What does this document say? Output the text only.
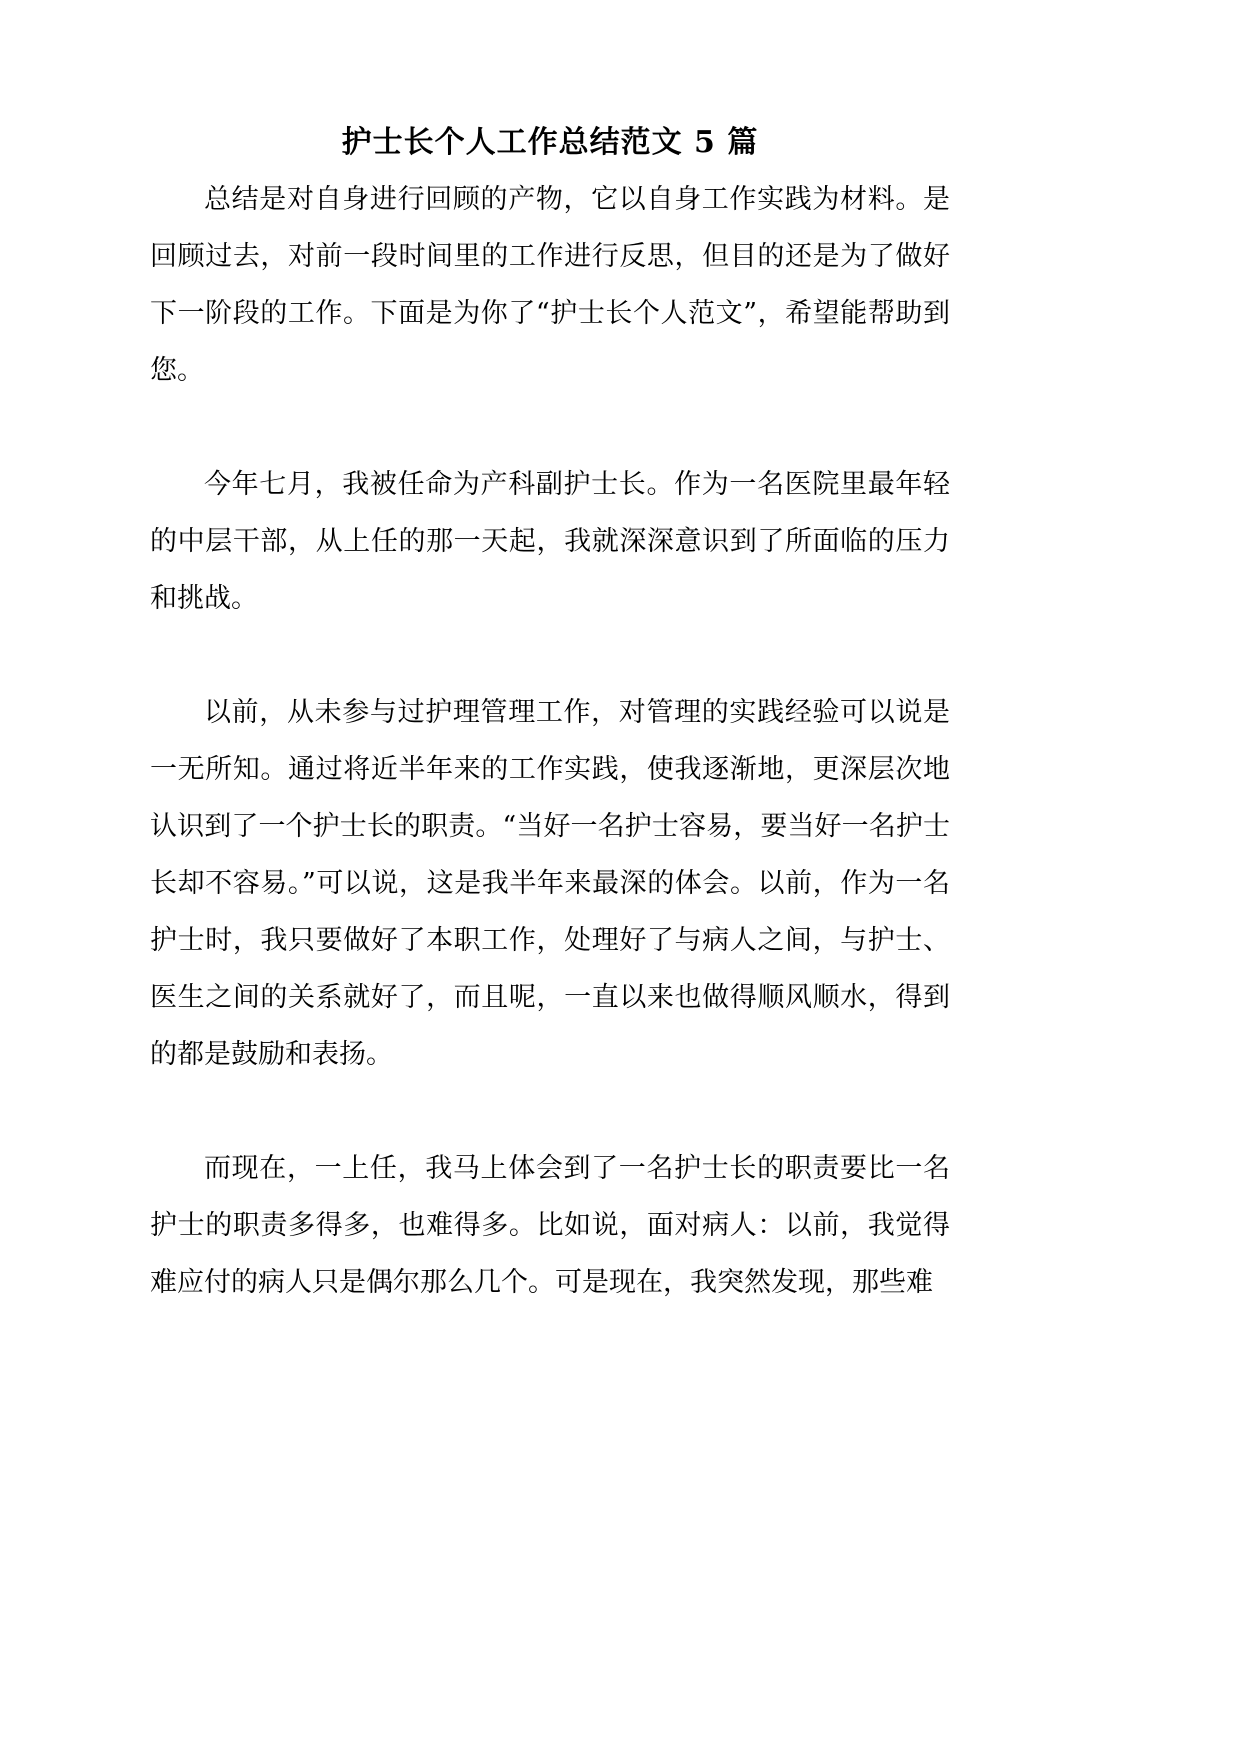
护士长个人工作总结范文 5 篇

总结是对自身进行回顾的产物，它以自身工作实践为材料。是回顾过去，对前一段时间里的工作进行反思，但目的还是为了做好下一阶段的工作。下面是为你了“护士长个人范文”，希望能帮助到您。

今年七月，我被任命为产科副护士长。作为一名医院里最年轻的中层干部，从上任的那一天起，我就深深意识到了所面临的压力和挑战。

以前，从未参与过护理管理工作，对管理的实践经验可以说是一无所知。通过将近半年来的工作实践，使我逐渐地，更深层次地认识到了一个护士长的职责。“当好一名护士容易，要当好一名护士长却不容易。”可以说，这是我半年来最深的体会。以前，作为一名护士时，我只要做好了本职工作，处理好了与病人之间，与护士、医生之间的关系就好了，而且呢，一直以来也做得顺风顺水，得到的都是鼓励和表扬。

而现在，一上任，我马上体会到了一名护士长的职责要比一名护士的职责多得多，也难得多。比如说，面对病人：以前，我觉得难应付的病人只是偶尔那么几个。可是现在，我突然发现，那些难
